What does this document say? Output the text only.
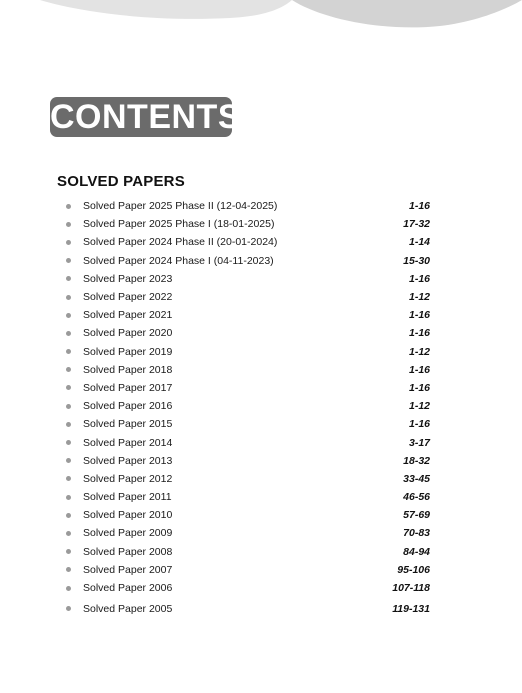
CONTENTS
SOLVED PAPERS
Solved Paper 2025 Phase II (12-04-2025)	1-16
Solved Paper 2025 Phase I (18-01-2025)	17-32
Solved Paper 2024 Phase II (20-01-2024)	1-14
Solved Paper 2024 Phase I (04-11-2023)	15-30
Solved Paper 2023	1-16
Solved Paper 2022	1-12
Solved Paper 2021	1-16
Solved Paper 2020	1-16
Solved Paper 2019	1-12
Solved Paper 2018	1-16
Solved Paper 2017	1-16
Solved Paper 2016	1-12
Solved Paper 2015	1-16
Solved Paper 2014	3-17
Solved Paper 2013	18-32
Solved Paper 2012	33-45
Solved Paper 2011	46-56
Solved Paper 2010	57-69
Solved Paper 2009	70-83
Solved Paper 2008	84-94
Solved Paper 2007	95-106
Solved Paper 2006	107-118
Solved Paper 2005	119-131
